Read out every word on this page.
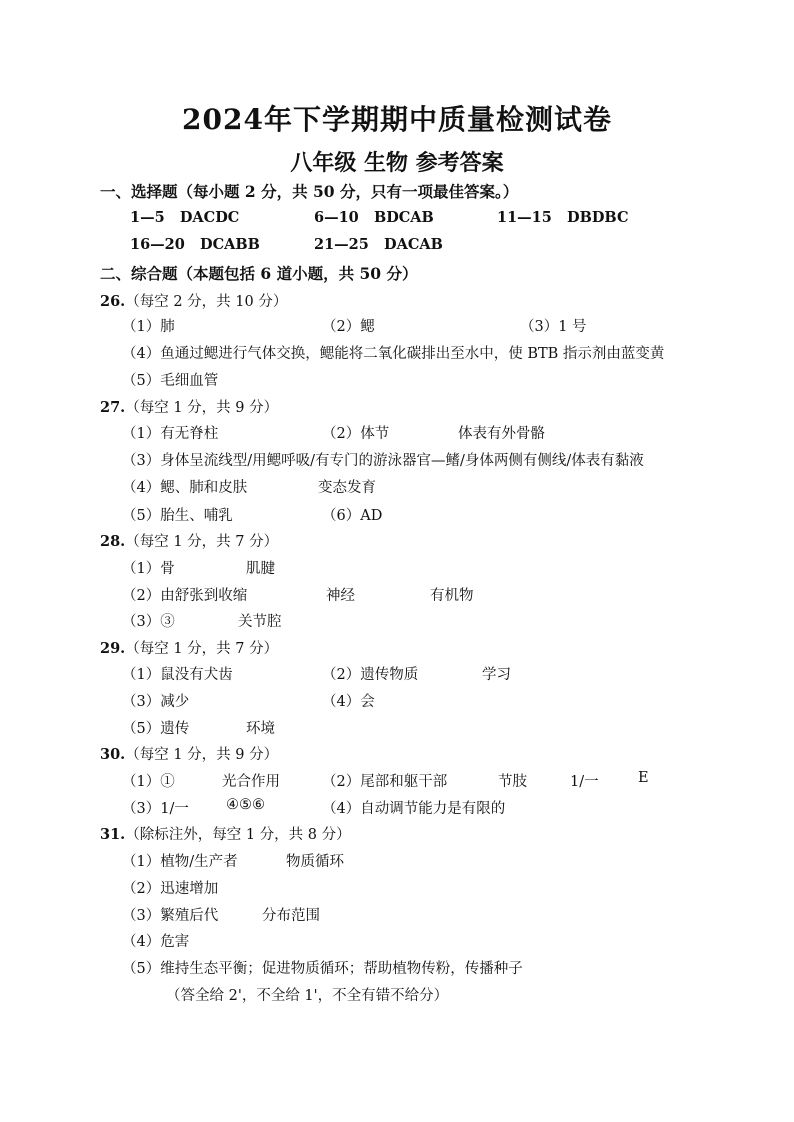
2024年下学期期中质量检测试卷
八年级 生物 参考答案
一、选择题（每小题 2 分，共 50 分，只有一项最佳答案。）
1—5 DACDC	6—10 BDCAB	11—15 DBDBC
16—20 DCABB	21—25 DACAB
二、综合题（本题包括 6 道小题，共 50 分）
26.（每空 2 分，共 10 分）
（1）肺	（2）鳃	（3）1 号
（4）鱼通过鳃进行气体交换，鳃能将二氧化碳排出至水中，使 BTB 指示剂由蓝变黄
（5）毛细血管
27.（每空 1 分，共 9 分）
（1）有无脊柱	（2）体节	体表有外骨骼
（3）身体呈流线型/用鳃呼吸/有专门的游泳器官—鳍/身体两侧有侧线/体表有黏液
（4）鳃、肺和皮肤	变态发育
（5）胎生、哺乳	（6）AD
28.（每空 1 分，共 7 分）
（1）骨	肌腱
（2）由舒张到收缩	神经	有机物
（3）③	关节腔
29.（每空 1 分，共 7 分）
（1）鼠没有犬齿	（2）遗传物质	学习
（3）减少	（4）会
（5）遗传	环境
30.（每空 1 分，共 9 分）
（1）①	光合作用	（2）尾部和躯干部	节肢	1/一	E
（3）1/一	④⑤⑥	（4）自动调节能力是有限的
31.（除标注外，每空 1 分，共 8 分）
（1）植物/生产者	物质循环
（2）迅速增加
（3）繁殖后代	分布范围
（4）危害
（5）维持生态平衡；促进物质循环；帮助植物传粉，传播种子
（答全给 2'，不全给 1'，不全有错不给分）
